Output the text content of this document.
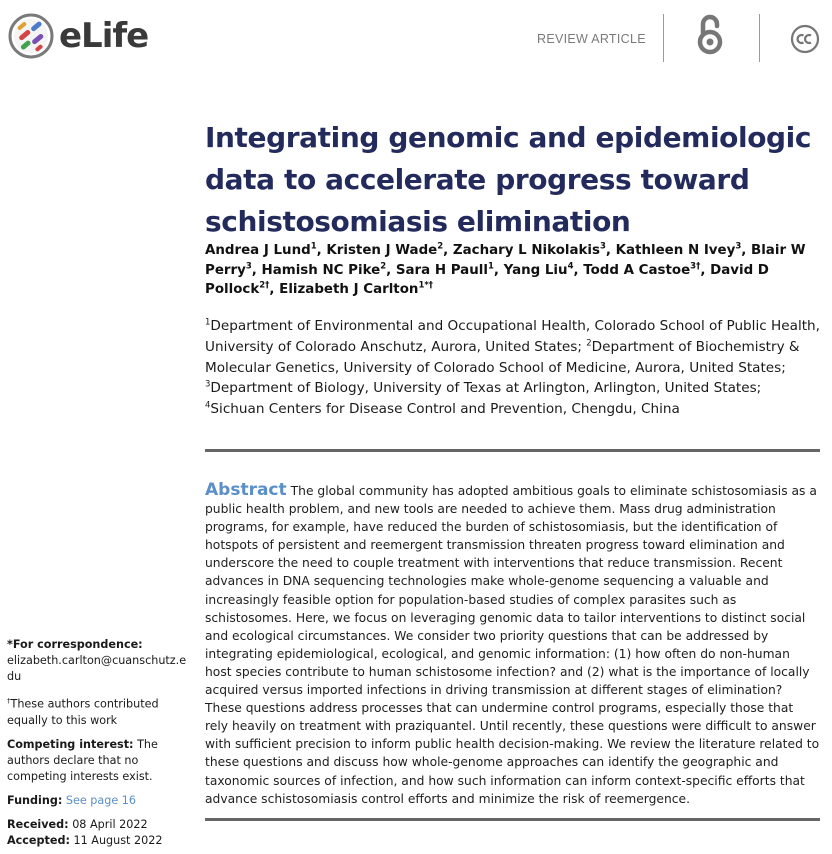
eLife	REVIEW ARTICLE
Integrating genomic and epidemiologic data to accelerate progress toward schistosomiasis elimination
Andrea J Lund$^1$, Kristen J Wade$^2$, Zachary L Nikolakis$^3$, Kathleen N Ivey$^3$, Blair W Perry$^3$, Hamish NC Pike$^2$, Sara H Paull$^1$, Yang Liu$^4$, Todd A Castoe$^{3\dagger}$, David D Pollock$^{2\dagger}$, Elizabeth J Carlton$^{1*\dagger}$
$^1$Department of Environmental and Occupational Health, Colorado School of Public Health, University of Colorado Anschutz, Aurora, United States; $^2$Department of Biochemistry & Molecular Genetics, University of Colorado School of Medicine, Aurora, United States; $^3$Department of Biology, University of Texas at Arlington, Arlington, United States; $^4$Sichuan Centers for Disease Control and Prevention, Chengdu, China

Abstract The global community has adopted ambitious goals to eliminate schistosomiasis as a public health problem, and new tools are needed to achieve them. Mass drug administration programs, for example, have reduced the burden of schistosomiasis, but the identification of hotspots of persistent and reemergent transmission threaten progress toward elimination and underscore the need to couple treatment with interventions that reduce transmission. Recent advances in DNA sequencing technologies make whole-genome sequencing a valuable and increasingly feasible option for population-based studies of complex parasites such as schistosomes. Here, we focus on leveraging genomic data to tailor interventions to distinct social and ecological circumstances. We consider two priority questions that can be addressed by integrating epidemiological, ecological, and genomic information: (1) how often do non-human host species contribute to human schistosome infection? and (2) what is the importance of locally acquired versus imported infections in driving transmission at different stages of elimination? These questions address processes that can undermine control programs, especially those that rely heavily on treatment with praziquantel. Until recently, these questions were difficult to answer with sufficient precision to inform public health decision-making. We review the literature related to these questions and discuss how whole-genome approaches can identify the geographic and taxonomic sources of infection, and how such information can inform context-specific efforts that advance schistosomiasis control efforts and minimize the risk of reemergence.

*For correspondence:
elizabeth.carlton@cuanschutz.edu
†These authors contributed equally to this work
Competing interest: The authors declare that no competing interests exist.
Funding: See page 16
Received: 08 April 2022
Accepted: 11 August 2022
